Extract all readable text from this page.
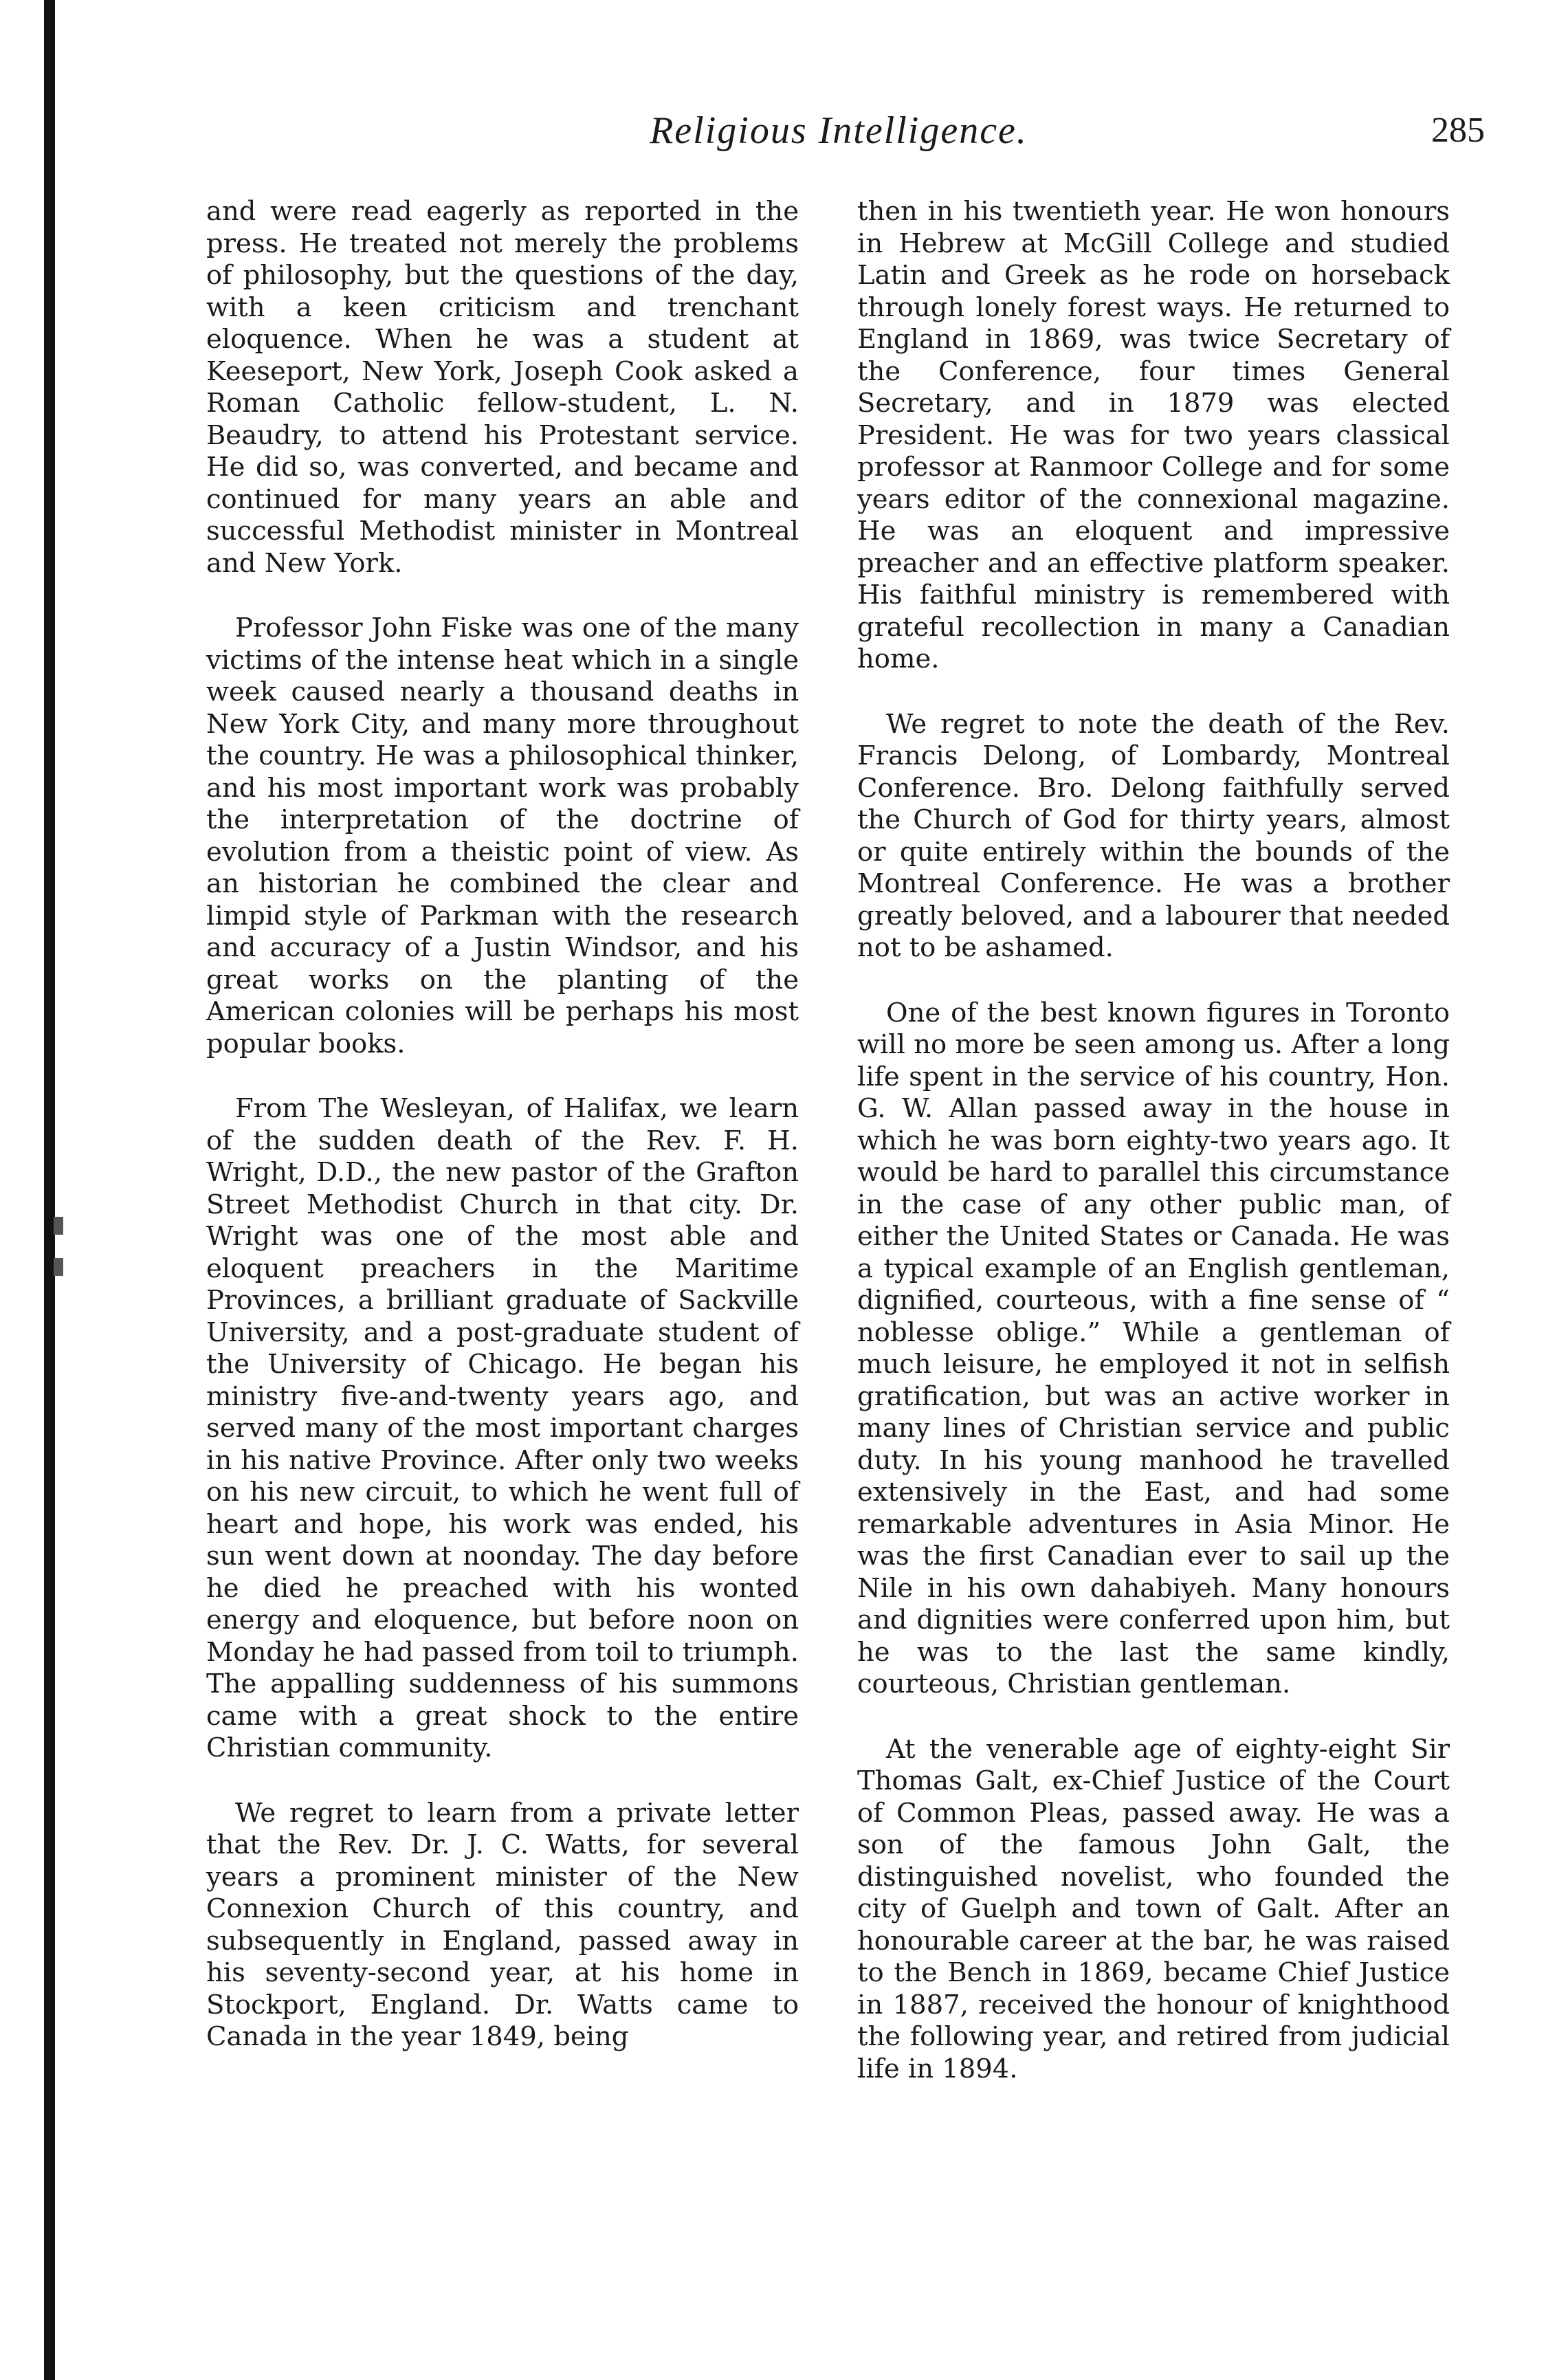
Religious Intelligence.	285

and were read eagerly as reported in the press. He treated not merely the problems of philosophy, but the questions of the day, with a keen criticism and trenchant eloquence. When he was a student at Keeseport, New York, Joseph Cook asked a Roman Catholic fellow-student, L. N. Beaudry, to attend his Protestant service. He did so, was converted, and became and continued for many years an able and successful Methodist minister in Montreal and New York.

Professor John Fiske was one of the many victims of the intense heat which in a single week caused nearly a thousand deaths in New York City, and many more throughout the country. He was a philosophical thinker, and his most important work was probably the interpretation of the doctrine of evolution from a theistic point of view. As an historian he combined the clear and limpid style of Parkman with the research and accuracy of a Justin Windsor, and his great works on the planting of the American colonies will be perhaps his most popular books.

From The Wesleyan, of Halifax, we learn of the sudden death of the Rev. F. H. Wright, D.D., the new pastor of the Grafton Street Methodist Church in that city. Dr. Wright was one of the most able and eloquent preachers in the Maritime Provinces, a brilliant graduate of Sackville University, and a post-graduate student of the University of Chicago. He began his ministry five-and-twenty years ago, and served many of the most important charges in his native Province. After only two weeks on his new circuit, to which he went full of heart and hope, his work was ended, his sun went down at noonday. The day before he died he preached with his wonted energy and eloquence, but before noon on Monday he had passed from toil to triumph. The appalling suddenness of his summons came with a great shock to the entire Christian community.

We regret to learn from a private letter that the Rev. Dr. J. C. Watts, for several years a prominent minister of the New Connexion Church of this country, and subsequently in England, passed away in his seventy-second year, at his home in Stockport, England. Dr. Watts came to Canada in the year 1849, being

then in his twentieth year. He won honours in Hebrew at McGill College and studied Latin and Greek as he rode on horseback through lonely forest ways. He returned to England in 1869, was twice Secretary of the Conference, four times General Secretary, and in 1879 was elected President. He was for two years classical professor at Ranmoor College and for some years editor of the connexional magazine. He was an eloquent and impressive preacher and an effective platform speaker. His faithful ministry is remembered with grateful recollection in many a Canadian home.

We regret to note the death of the Rev. Francis Delong, of Lombardy, Montreal Conference. Bro. Delong faithfully served the Church of God for thirty years, almost or quite entirely within the bounds of the Montreal Conference. He was a brother greatly beloved, and a labourer that needed not to be ashamed.

One of the best known figures in Toronto will no more be seen among us. After a long life spent in the service of his country, Hon. G. W. Allan passed away in the house in which he was born eighty-two years ago. It would be hard to parallel this circumstance in the case of any other public man, of either the United States or Canada. He was a typical example of an English gentleman, dignified, courteous, with a fine sense of “ noblesse oblige.” While a gentleman of much leisure, he employed it not in selfish gratification, but was an active worker in many lines of Christian service and public duty. In his young manhood he travelled extensively in the East, and had some remarkable adventures in Asia Minor. He was the first Canadian ever to sail up the Nile in his own dahabiyeh. Many honours and dignities were conferred upon him, but he was to the last the same kindly, courteous, Christian gentleman.

At the venerable age of eighty-eight Sir Thomas Galt, ex-Chief Justice of the Court of Common Pleas, passed away. He was a son of the famous John Galt, the distinguished novelist, who founded the city of Guelph and town of Galt. After an honourable career at the bar, he was raised to the Bench in 1869, became Chief Justice in 1887, received the honour of knighthood the following year, and retired from judicial life in 1894.
